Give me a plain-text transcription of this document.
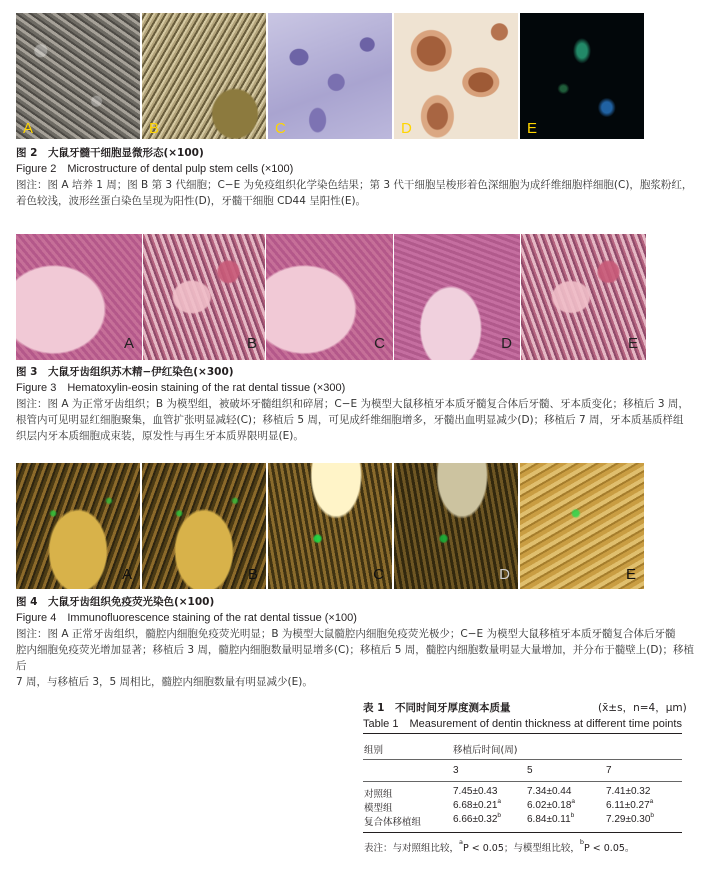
A	B	C	D	E
图 2　大鼠牙髓干细胞显微形态(×100)
Figure 2　Microstructure of dental pulp stem cells (×100)
图注：图 A 培养 1 周；图 B 第 3 代细胞；C−E 为免疫组织化学染色结果；第 3 代干细胞呈梭形着色深细胞为成纤维细胞样细胞(C)，胞浆粉红，
着色较浅，波形丝蛋白染色呈现为阳性(D)，牙髓干细胞 CD44 呈阳性(E)。
A	B	C	D	E
图 3　大鼠牙齿组织苏木精−伊红染色(×300)
Figure 3　Hematoxylin-eosin staining of the rat dental tissue (×300)
图注：图 A 为正常牙齿组织；B 为模型组，被破坏牙髓组织和碎屑；C−E 为模型大鼠移植牙本质牙髓复合体后牙髓、牙本质变化；移植后 3 周，
根管内可见明显红细胞聚集，血管扩张明显减轻(C)；移植后 5 周，可见成纤维细胞增多，牙髓出血明显减少(D)；移植后 7 周，牙本质基质样组
织层内牙本质细胞成束装，原发性与再生牙本质界限明显(E)。
A	B	C	D	E
图 4　大鼠牙齿组织免疫荧光染色(×100)
Figure 4　Immunofluorescence staining of the rat dental tissue (×100)
图注：图 A 正常牙齿组织，髓腔内细胞免疫荧光明显；B 为模型大鼠髓腔内细胞免疫荧光极少；C−E 为模型大鼠移植牙本质牙髓复合体后牙髓
腔内细胞免疫荧光增加显著；移植后 3 周，髓腔内细胞数量明显增多(C)；移植后 5 周，髓腔内细胞数量明显大量增加，并分布于髓壁上(D)；移植后
7 周，与移植后 3，5 周相比，髓腔内细胞数量有明显减少(E)。
表 1　不同时间牙厚度测本质量	(x̄±s，n=4，μm)
Table 1　Measurement of dentin thickness at different time points
组别	移植后时间(周)
3	5	7
对照组	7.45±0.43	7.34±0.44	7.41±0.32
模型组	6.68±0.21$^a$	6.02±0.18$^a$	6.11±0.27$^a$
复合体移植组	6.66±0.32$^b$	6.84±0.11$^b$	7.29±0.30$^b$
表注：与对照组比较，$^a$P < 0.05；与模型组比较，$^b$P < 0.05。
